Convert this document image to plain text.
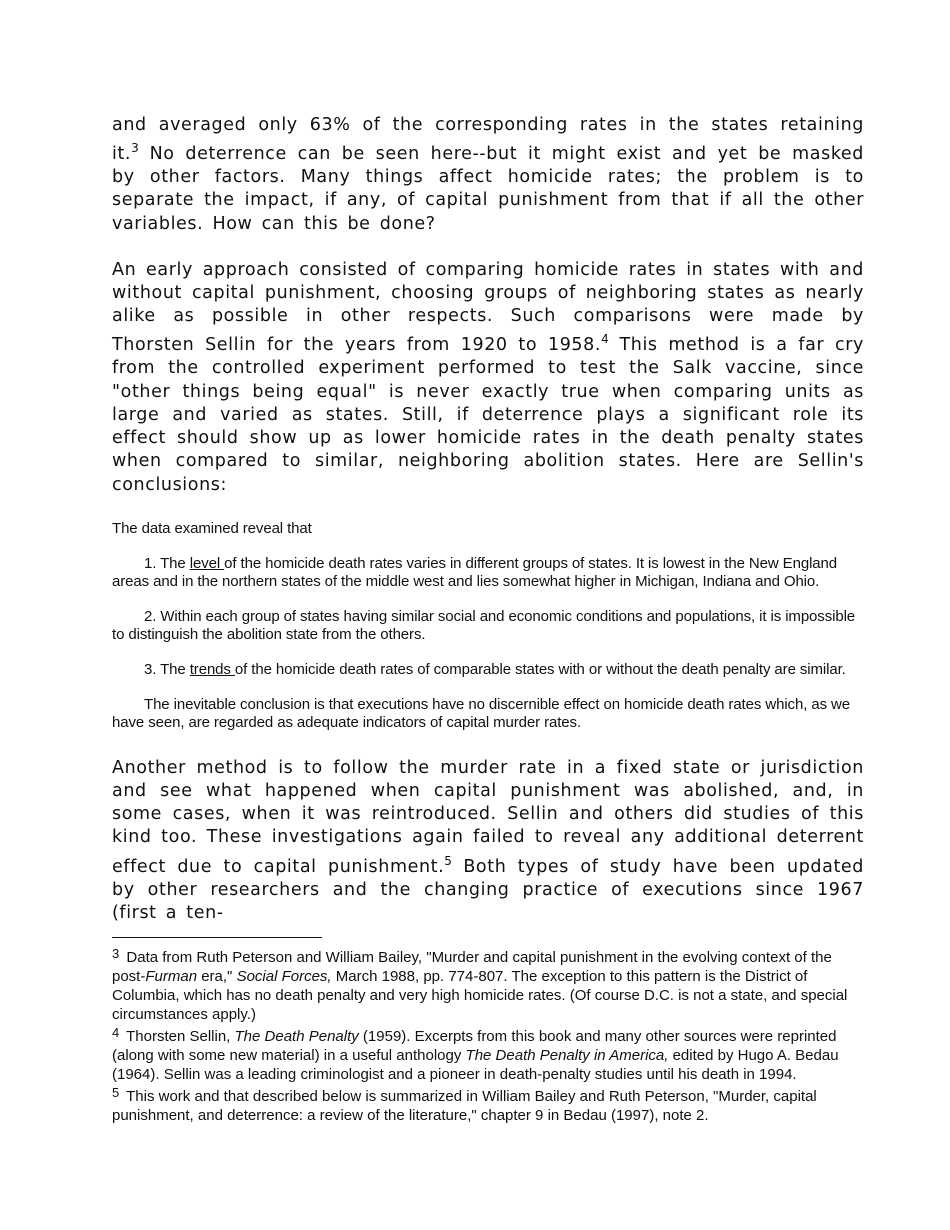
and averaged only 63% of the corresponding rates in the states retaining it.$^3$ No deterrence can be seen here--but it might exist and yet be masked by other factors. Many things affect homicide rates; the problem is to separate the impact, if any, of capital punishment from that if all the other variables. How can this be done?

An early approach consisted of comparing homicide rates in states with and without capital punishment, choosing groups of neighboring states as nearly alike as possible in other respects. Such comparisons were made by Thorsten Sellin for the years from 1920 to 1958.$^4$ This method is a far cry from the controlled experiment performed to test the Salk vaccine, since "other things being equal" is never exactly true when comparing units as large and varied as states. Still, if deterrence plays a significant role its effect should show up as lower homicide rates in the death penalty states when compared to similar, neighboring abolition states. Here are Sellin's conclusions:

The data examined reveal that

1. The level of the homicide death rates varies in different groups of states. It is lowest in the New England areas and in the northern states of the middle west and lies somewhat higher in Michigan, Indiana and Ohio.

2. Within each group of states having similar social and economic conditions and populations, it is impossible to distinguish the abolition state from the others.

3. The trends of the homicide death rates of comparable states with or without the death penalty are similar.

The inevitable conclusion is that executions have no discernible effect on homicide death rates which, as we have seen, are regarded as adequate indicators of capital murder rates.

Another method is to follow the murder rate in a fixed state or jurisdiction and see what happened when capital punishment was abolished, and, in some cases, when it was reintroduced. Sellin and others did studies of this kind too. These investigations again failed to reveal any additional deterrent effect due to capital punishment.$^5$ Both types of study have been updated by other researchers and the changing practice of executions since 1967 (first a ten-

3 Data from Ruth Peterson and William Bailey, "Murder and capital punishment in the evolving context of the post-Furman era," Social Forces, March 1988, pp. 774-807. The exception to this pattern is the District of Columbia, which has no death penalty and very high homicide rates. (Of course D.C. is not a state, and special circumstances apply.)

4 Thorsten Sellin, The Death Penalty (1959). Excerpts from this book and many other sources were reprinted (along with some new material) in a useful anthology The Death Penalty in America, edited by Hugo A. Bedau (1964). Sellin was a leading criminologist and a pioneer in death-penalty studies until his death in 1994.

5 This work and that described below is summarized in William Bailey and Ruth Peterson, "Murder, capital punishment, and deterrence: a review of the literature," chapter 9 in Bedau (1997), note 2.
